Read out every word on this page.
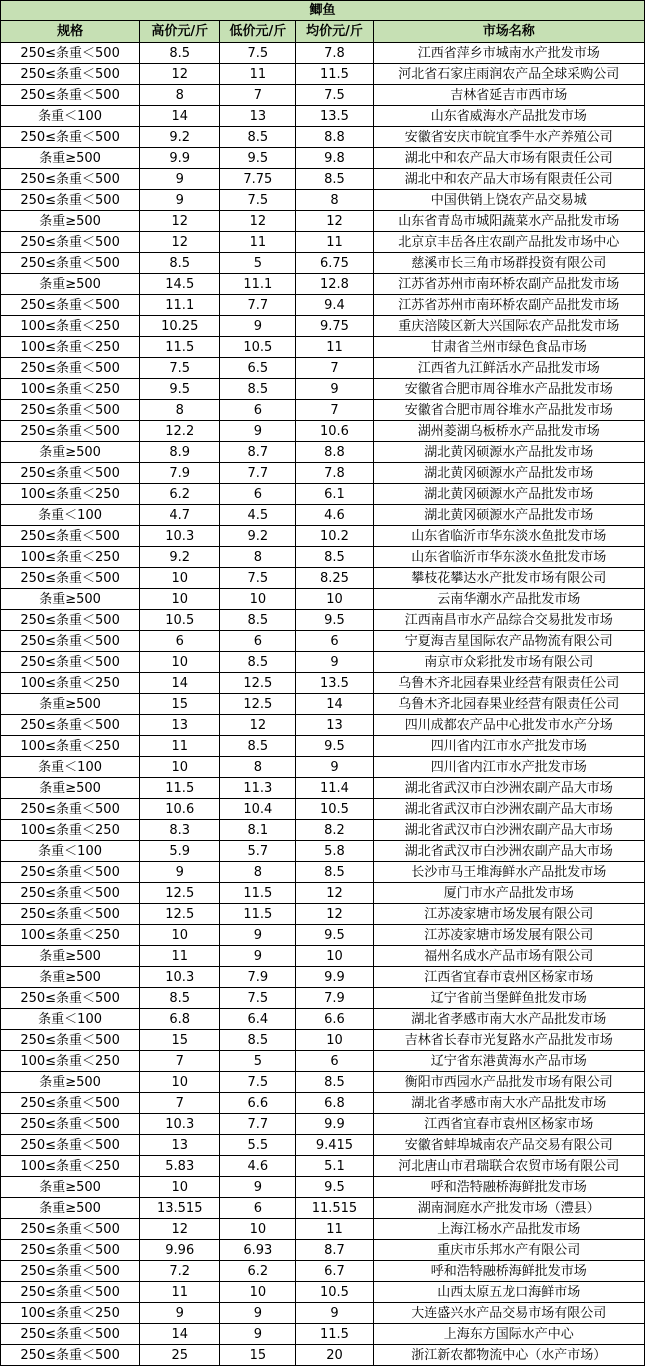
鲫鱼				
规格	高价元/斤	低价元/斤	均价元/斤	市场名称
250≤条重＜500	8.5	7.5	7.8	江西省萍乡市城南水产批发市场
250≤条重＜500	12	11	11.5	河北省石家庄雨润农产品全球采购公司
250≤条重＜500	8	7	7.5	吉林省延吉市西市场
条重＜100	14	13	13.5	山东省威海水产品批发市场
250≤条重＜500	9.2	8.5	8.8	安徽省安庆市皖宜季牛水产养殖公司
条重≥500	9.9	9.5	9.8	湖北中和农产品大市场有限责任公司
250≤条重＜500	9	7.75	8.5	湖北中和农产品大市场有限责任公司
250≤条重＜500	9	7.5	8	中国供销上饶农产品交易城
条重≥500	12	12	12	山东省青岛市城阳蔬菜水产品批发市场
250≤条重＜500	12	11	11	北京京丰岳各庄农副产品批发市场中心
250≤条重＜500	8.5	5	6.75	慈溪市长三角市场群投资有限公司
条重≥500	14.5	11.1	12.8	江苏省苏州市南环桥农副产品批发市场
250≤条重＜500	11.1	7.7	9.4	江苏省苏州市南环桥农副产品批发市场
100≤条重＜250	10.25	9	9.75	重庆涪陵区新大兴国际农产品批发市场
100≤条重＜250	11.5	10.5	11	甘肃省兰州市绿色食品市场
250≤条重＜500	7.5	6.5	7	江西省九江鲜活水产品批发市场
100≤条重＜250	9.5	8.5	9	安徽省合肥市周谷堆水产品批发市场
250≤条重＜500	8	6	7	安徽省合肥市周谷堆水产品批发市场
250≤条重＜500	12.2	9	10.6	湖州菱湖乌板桥水产品批发市场
条重≥500	8.9	8.7	8.8	湖北黄冈硕源水产品批发市场
250≤条重＜500	7.9	7.7	7.8	湖北黄冈硕源水产品批发市场
100≤条重＜250	6.2	6	6.1	湖北黄冈硕源水产品批发市场
条重＜100	4.7	4.5	4.6	湖北黄冈硕源水产品批发市场
250≤条重＜500	10.3	9.2	10.2	山东省临沂市华东淡水鱼批发市场
100≤条重＜250	9.2	8	8.5	山东省临沂市华东淡水鱼批发市场
250≤条重＜500	10	7.5	8.25	攀枝花攀达水产批发市场有限公司
条重≥500	10	10	10	云南华潮水产品批发市场
250≤条重＜500	10.5	8.5	9.5	江西南昌市水产品综合交易批发市场
250≤条重＜500	6	6	6	宁夏海吉星国际农产品物流有限公司
250≤条重＜500	10	8.5	9	南京市众彩批发市场有限公司
100≤条重＜250	14	12.5	13.5	乌鲁木齐北园春果业经营有限责任公司
条重≥500	15	12.5	14	乌鲁木齐北园春果业经营有限责任公司
250≤条重＜500	13	12	13	四川成都农产品中心批发市水产分场
100≤条重＜250	11	8.5	9.5	四川省内江市水产批发市场
条重＜100	10	8	9	四川省内江市水产批发市场
条重≥500	11.5	11.3	11.4	湖北省武汉市白沙洲农副产品大市场
250≤条重＜500	10.6	10.4	10.5	湖北省武汉市白沙洲农副产品大市场
100≤条重＜250	8.3	8.1	8.2	湖北省武汉市白沙洲农副产品大市场
条重＜100	5.9	5.7	5.8	湖北省武汉市白沙洲农副产品大市场
250≤条重＜500	9	8	8.5	长沙市马王堆海鲜水产品批发市场
250≤条重＜500	12.5	11.5	12	厦门市水产品批发市场
250≤条重＜500	12.5	11.5	12	江苏凌家塘市场发展有限公司
100≤条重＜250	10	9	9.5	江苏凌家塘市场发展有限公司
条重≥500	11	9	10	福州名成水产品市场有限公司
条重≥500	10.3	7.9	9.9	江西省宜春市袁州区杨家市场
250≤条重＜500	8.5	7.5	7.9	辽宁省前当堡鲜鱼批发市场
条重＜100	6.8	6.4	6.6	湖北省孝感市南大水产品批发市场
250≤条重＜500	15	8.5	10	吉林省长春市光复路水产品批发市场
100≤条重＜250	7	5	6	辽宁省东港黄海水产品市场
条重≥500	10	7.5	8.5	衡阳市西园水产品批发市场有限公司
250≤条重＜500	7	6.6	6.8	湖北省孝感市南大水产品批发市场
250≤条重＜500	10.3	7.7	9.9	江西省宜春市袁州区杨家市场
250≤条重＜500	13	5.5	9.415	安徽省蚌埠城南农产品交易有限公司
100≤条重＜250	5.83	4.6	5.1	河北唐山市君瑞联合农贸市场有限公司
条重≥500	10	9	9.5	呼和浩特融桥海鲜批发市场
条重≥500	13.515	6	11.515	湖南洞庭水产批发市场（澧县）
250≤条重＜500	12	10	11	上海江杨水产品批发市场
250≤条重＜500	9.96	6.93	8.7	重庆市乐邦水产有限公司
250≤条重＜500	7.2	6.2	6.7	呼和浩特融桥海鲜批发市场
250≤条重＜500	11	10	10.5	山西太原五龙口海鲜市场
100≤条重＜250	9	9	9	大连盛兴水产品交易市场有限公司
250≤条重＜500	14	9	11.5	上海东方国际水产中心
250≤条重＜500	25	15	20	浙江新农都物流中心（水产市场）
